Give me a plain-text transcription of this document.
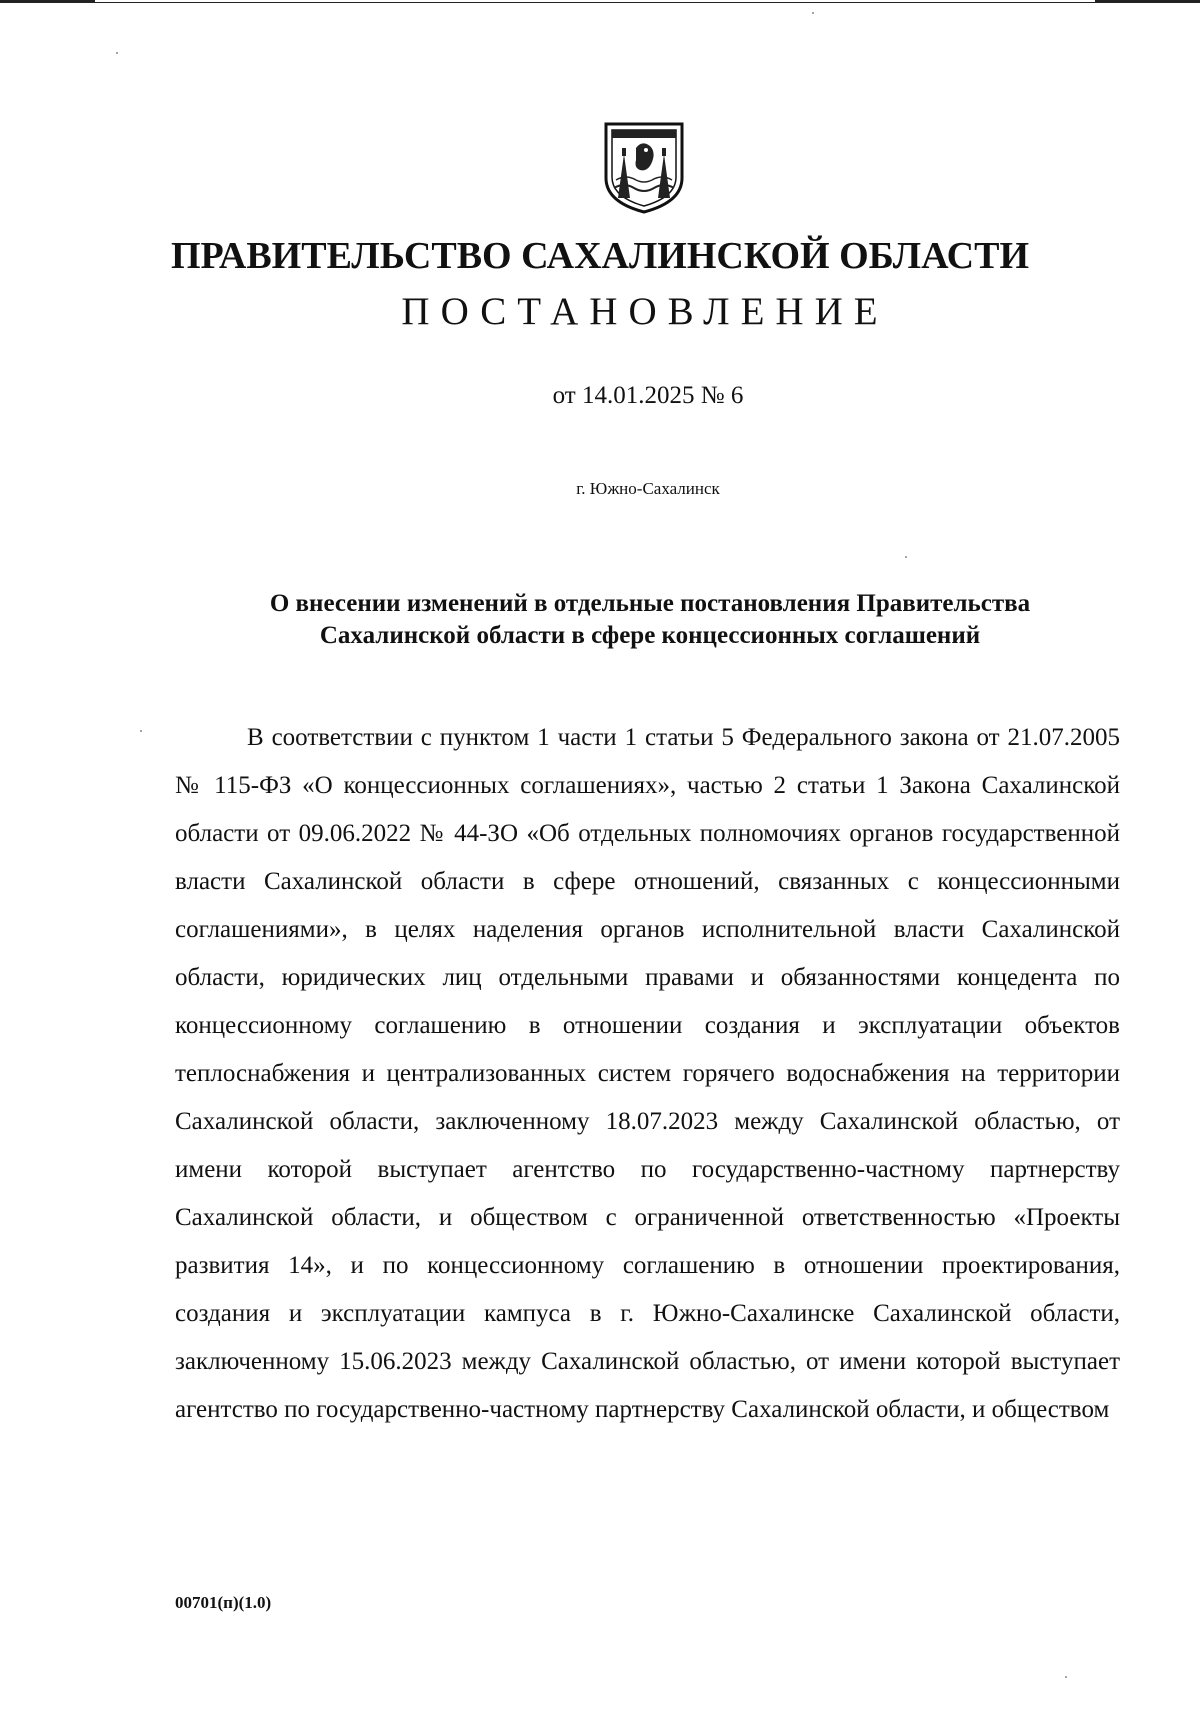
ПРАВИТЕЛЬСТВО САХАЛИНСКОЙ ОБЛАСТИ
ПОСТАНОВЛЕНИЕ
от 14.01.2025 № 6
г. Южно-Сахалинск
О внесении изменений в отдельные постановления Правительства
Сахалинской области в сфере концессионных соглашений

В соответствии с пунктом 1 части 1 статьи 5 Федерального закона от 21.07.2005 № 115-ФЗ «О концессионных соглашениях», частью 2 статьи 1 Закона Сахалинской области от 09.06.2022 № 44-ЗО «Об отдельных полномочиях органов государственной власти Сахалинской области в сфере отношений, связанных с концессионными соглашениями», в целях наделения органов исполнительной власти Сахалинской области, юридических лиц отдельными правами и обязанностями концедента по концессионному соглашению в отношении создания и эксплуатации объектов теплоснабжения и централизованных систем горячего водоснабжения на территории Сахалинской области, заключенному 18.07.2023 между Сахалинской областью, от имени которой выступает агентство по государственно-частному партнерству Сахалинской области, и обществом с ограниченной ответственностью «Проекты развития 14», и по концессионному соглашению в отношении проектирования, создания и эксплуатации кампуса в г. Южно-Сахалинске Сахалинской области, заключенному 15.06.2023 между Сахалинской областью, от имени которой выступает агентство по государственно-частному партнерству Сахалинской области, и обществом

00701(п)(1.0)
